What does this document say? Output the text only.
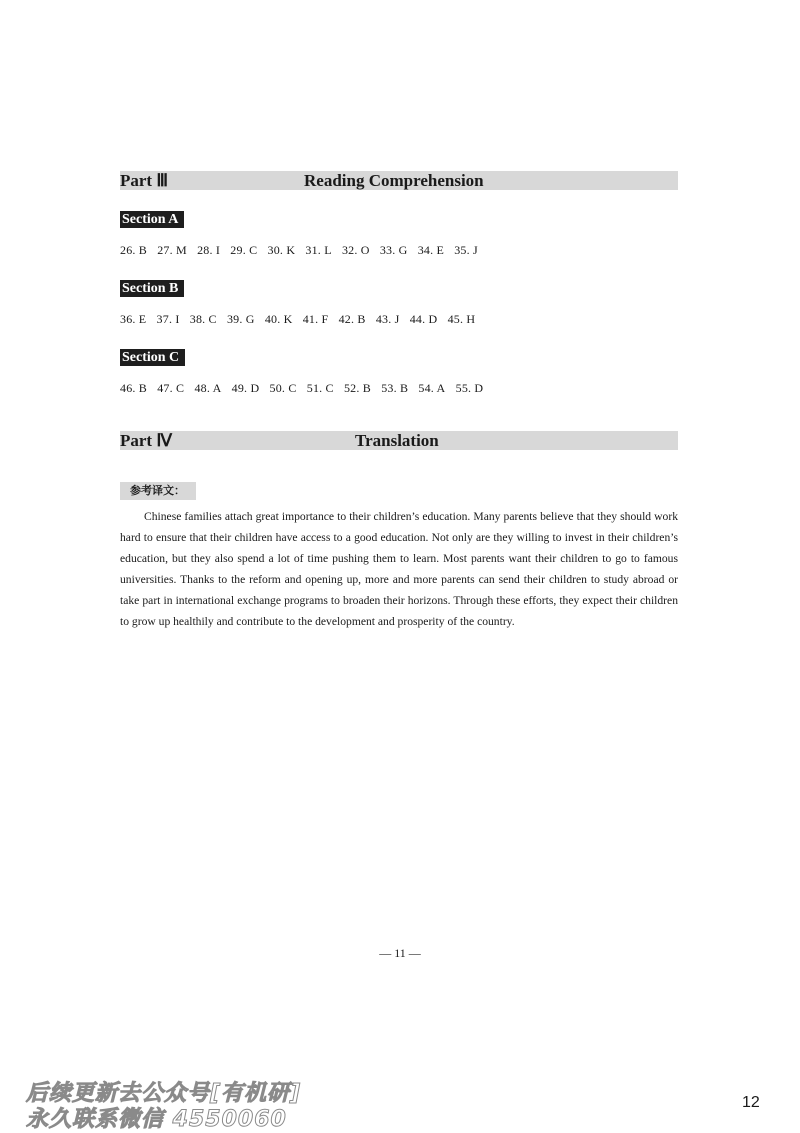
Part Ⅲ	Reading Comprehension
Section A
26. B 27. M 28. I 29. C 30. K 31. L 32. O 33. G 34. E 35. J
Section B
36. E 37. I 38. C 39. G 40. K 41. F 42. B 43. J 44. D 45. H
Section C
46. B 47. C 48. A 49. D 50. C 51. C 52. B 53. B 54. A 55. D
Part Ⅳ	Translation
参考译文：

Chinese families attach great importance to their children’s education. Many parents believe that they should work hard to ensure that their children have access to a good education. Not only are they willing to invest in their children’s education, but they also spend a lot of time pushing them to learn. Most parents want their children to go to famous universities. Thanks to the reform and opening up, more and more parents can send their children to study abroad or take part in international exchange programs to broaden their horizons. Through these efforts, they expect their children to grow up healthily and contribute to the development and prosperity of the country.

— 11 —
后续更新去公众号[有机研]
永久联系微信 4550060
12
